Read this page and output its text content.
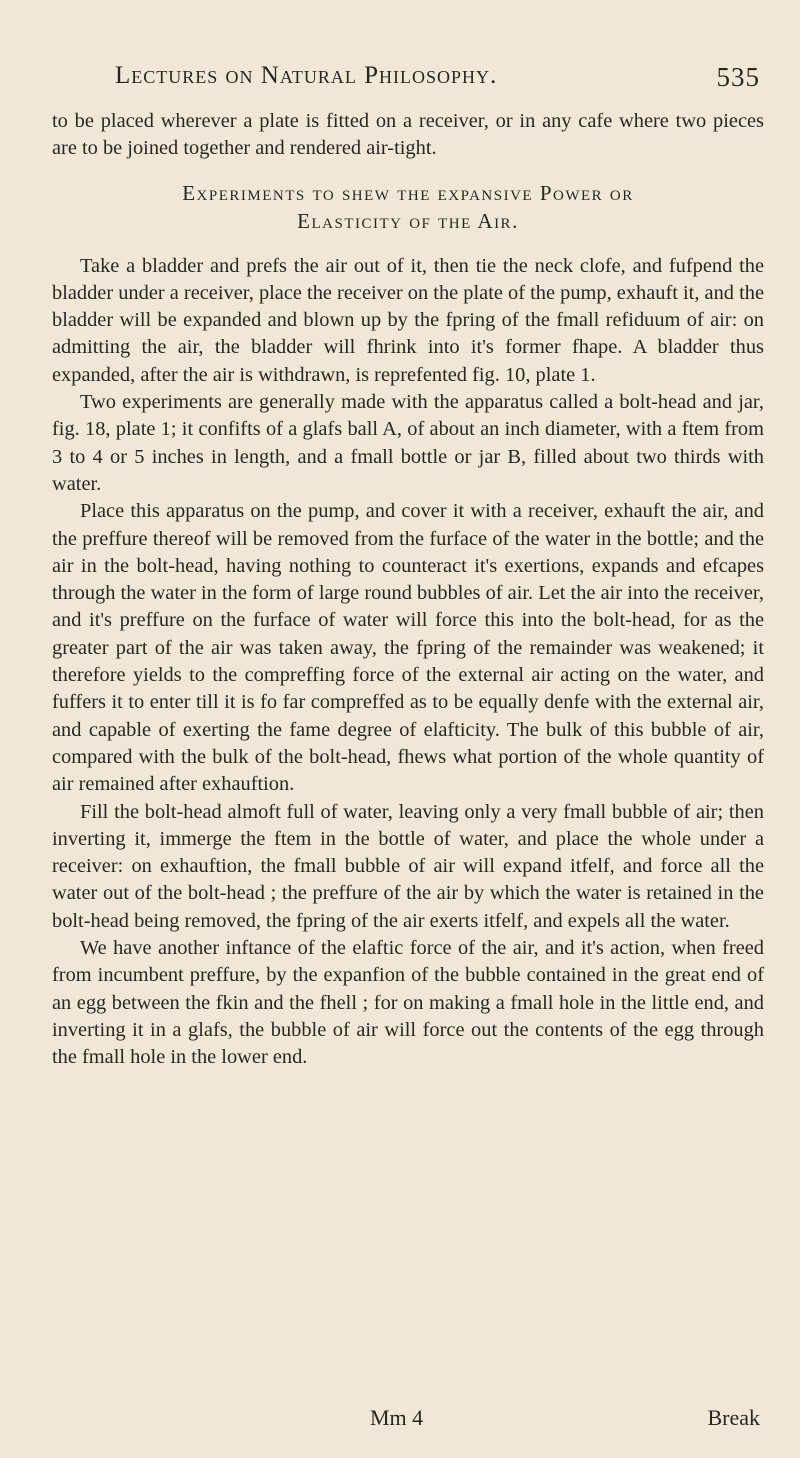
Lectures on Natural Philosophy.	535

to be placed wherever a plate is fitted on a receiver, or in any cafe where two pieces are to be joined together and rendered air-tight.

Experiments to shew the expansive Power or
Elasticity of the Air.

Take a bladder and prefs the air out of it, then tie the neck clofe, and fufpend the bladder under a receiver, place the receiver on the plate of the pump, exhauft it, and the bladder will be expanded and blown up by the fpring of the fmall refiduum of air: on admitting the air, the bladder will fhrink into it's former fhape. A bladder thus expanded, after the air is withdrawn, is reprefented fig. 10, plate 1.

Two experiments are generally made with the apparatus called a bolt-head and jar, fig. 18, plate 1; it confifts of a glafs ball A, of about an inch diameter, with a ftem from 3 to 4 or 5 inches in length, and a fmall bottle or jar B, filled about two thirds with water.

Place this apparatus on the pump, and cover it with a receiver, exhauft the air, and the preffure thereof will be removed from the furface of the water in the bottle; and the air in the bolt-head, having nothing to counteract it's exertions, expands and efcapes through the water in the form of large round bubbles of air. Let the air into the receiver, and it's preffure on the furface of water will force this into the bolt-head, for as the greater part of the air was taken away, the fpring of the remainder was weakened; it therefore yields to the compreffing force of the external air acting on the water, and fuffers it to enter till it is fo far compreffed as to be equally denfe with the external air, and capable of exerting the fame degree of elafticity. The bulk of this bubble of air, compared with the bulk of the bolt-head, fhews what portion of the whole quantity of air remained after exhauftion.

Fill the bolt-head almoft full of water, leaving only a very fmall bubble of air; then inverting it, immerge the ftem in the bottle of water, and place the whole under a receiver: on exhauftion, the fmall bubble of air will expand itfelf, and force all the water out of the bolt-head ; the preffure of the air by which the water is retained in the bolt-head being removed, the fpring of the air exerts itfelf, and expels all the water.

We have another inftance of the elaftic force of the air, and it's action, when freed from incumbent preffure, by the expanfion of the bubble contained in the great end of an egg between the fkin and the fhell ; for on making a fmall hole in the little end, and inverting it in a glafs, the bubble of air will force out the contents of the egg through the fmall hole in the lower end.

Mm 4	Break
